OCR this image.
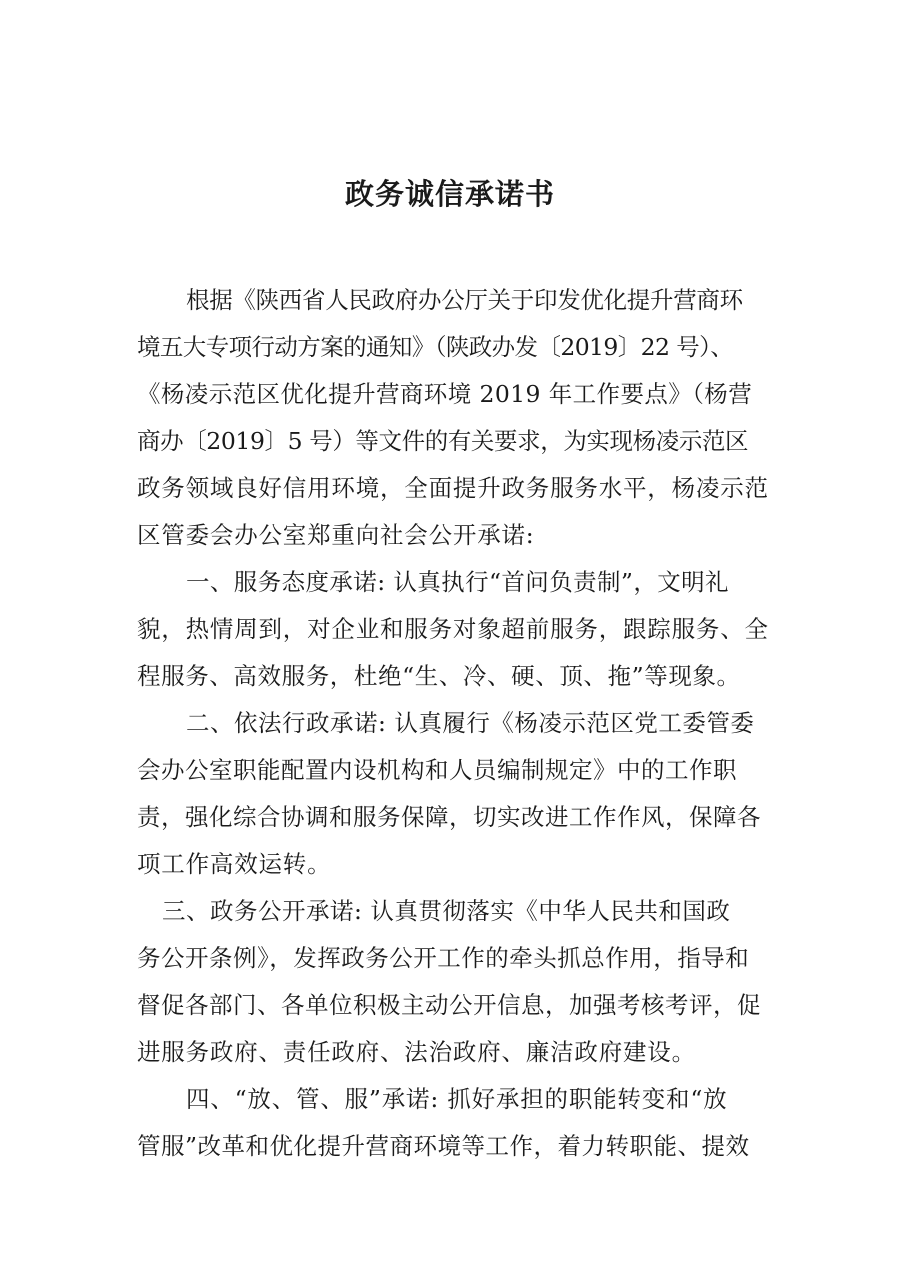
政务诚信承诺书
根据《陕西省人民政府办公厅关于印发优化提升营商环
境五大专项行动方案的通知》（陕政办发〔2019〕22 号）、
《杨凌示范区优化提升营商环境 2019 年工作要点》（杨营
商办〔2019〕5 号）等文件的有关要求，为实现杨凌示范区
政务领域良好信用环境，全面提升政务服务水平，杨凌示范
区管委会办公室郑重向社会公开承诺:
一、服务态度承诺: 认真执行“首问负责制”，文明礼
貌，热情周到，对企业和服务对象超前服务，跟踪服务、全
程服务、高效服务，杜绝“生、冷、硬、顶、拖”等现象。
二、依法行政承诺: 认真履行《杨凌示范区党工委管委
会办公室职能配置内设机构和人员编制规定》中的工作职
责，强化综合协调和服务保障，切实改进工作作风，保障各
项工作高效运转。
三、政务公开承诺: 认真贯彻落实《中华人民共和国政
务公开条例》，发挥政务公开工作的牵头抓总作用，指导和
督促各部门、各单位积极主动公开信息，加强考核考评，促
进服务政府、责任政府、法治政府、廉洁政府建设。
四、“放、管、服”承诺: 抓好承担的职能转变和“放
管服”改革和优化提升营商环境等工作，着力转职能、提效
